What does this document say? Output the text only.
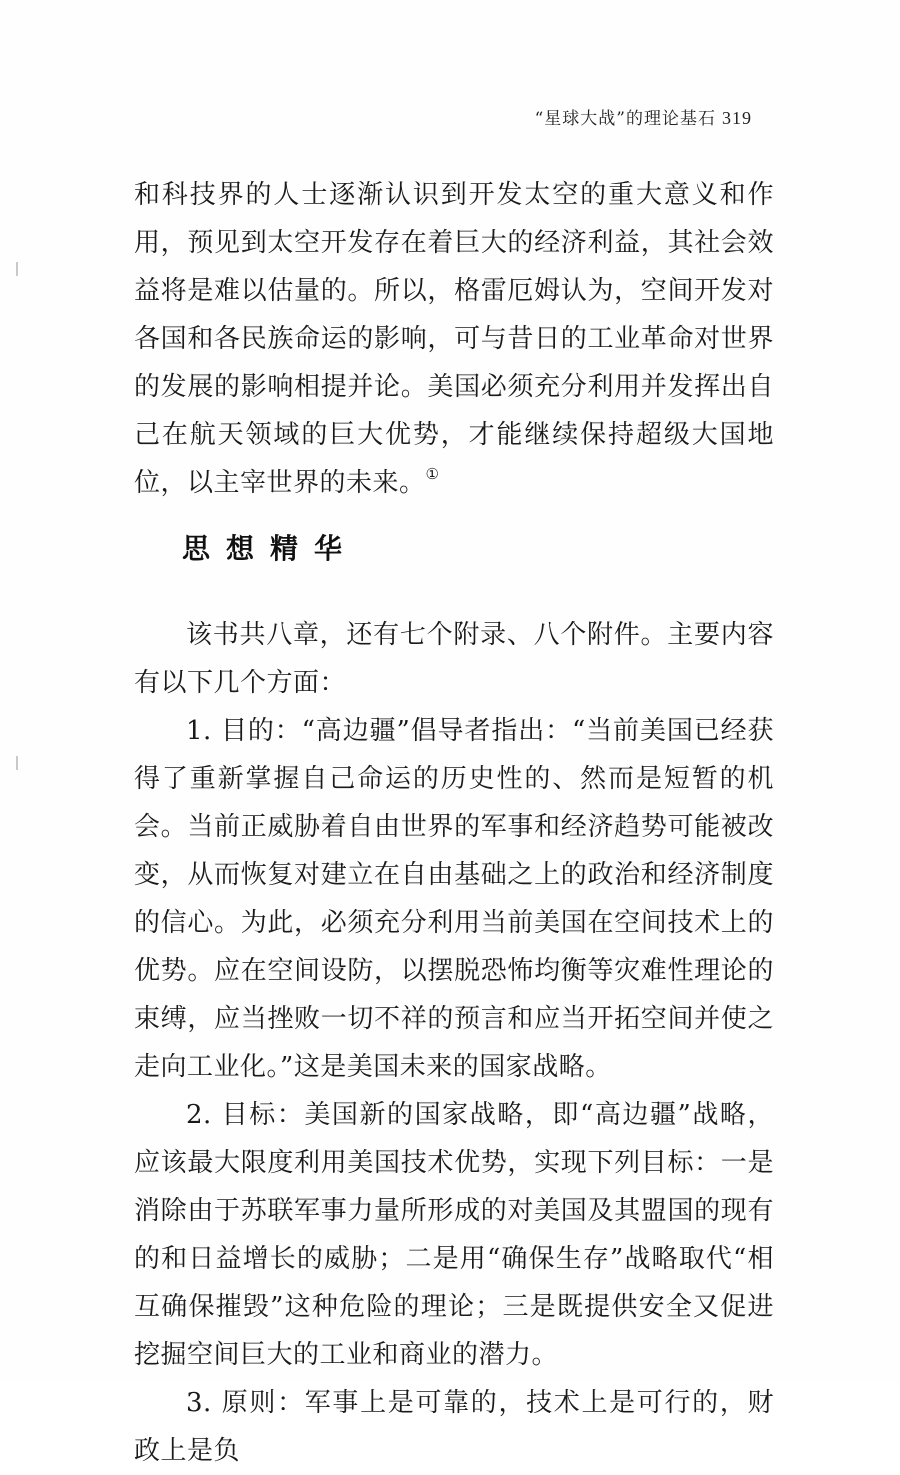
“星球大战”的理论基石 319

和科技界的人士逐渐认识到开发太空的重大意义和作用，预见到太空开发存在着巨大的经济利益，其社会效益将是难以估量的。所以，格雷厄姆认为，空间开发对各国和各民族命运的影响，可与昔日的工业革命对世界的发展的影响相提并论。美国必须充分利用并发挥出自己在航天领域的巨大优势，才能继续保持超级大国地位，以主宰世界的未来。①

思想精华

该书共八章，还有七个附录、八个附件。主要内容有以下几个方面：

1. 目的：“高边疆”倡导者指出：“当前美国已经获得了重新掌握自己命运的历史性的、然而是短暂的机会。当前正威胁着自由世界的军事和经济趋势可能被改变，从而恢复对建立在自由基础之上的政治和经济制度的信心。为此，必须充分利用当前美国在空间技术上的优势。应在空间设防，以摆脱恐怖均衡等灾难性理论的束缚，应当挫败一切不祥的预言和应当开拓空间并使之走向工业化。”这是美国未来的国家战略。

2. 目标：美国新的国家战略，即“高边疆”战略，应该最大限度利用美国技术优势，实现下列目标：一是消除由于苏联军事力量所形成的对美国及其盟国的现有的和日益增长的威胁；二是用“确保生存”战略取代“相互确保摧毁”这种危险的理论；三是既提供安全又促进挖掘空间巨大的工业和商业的潜力。

3. 原则：军事上是可靠的，技术上是可行的，财政上是负
